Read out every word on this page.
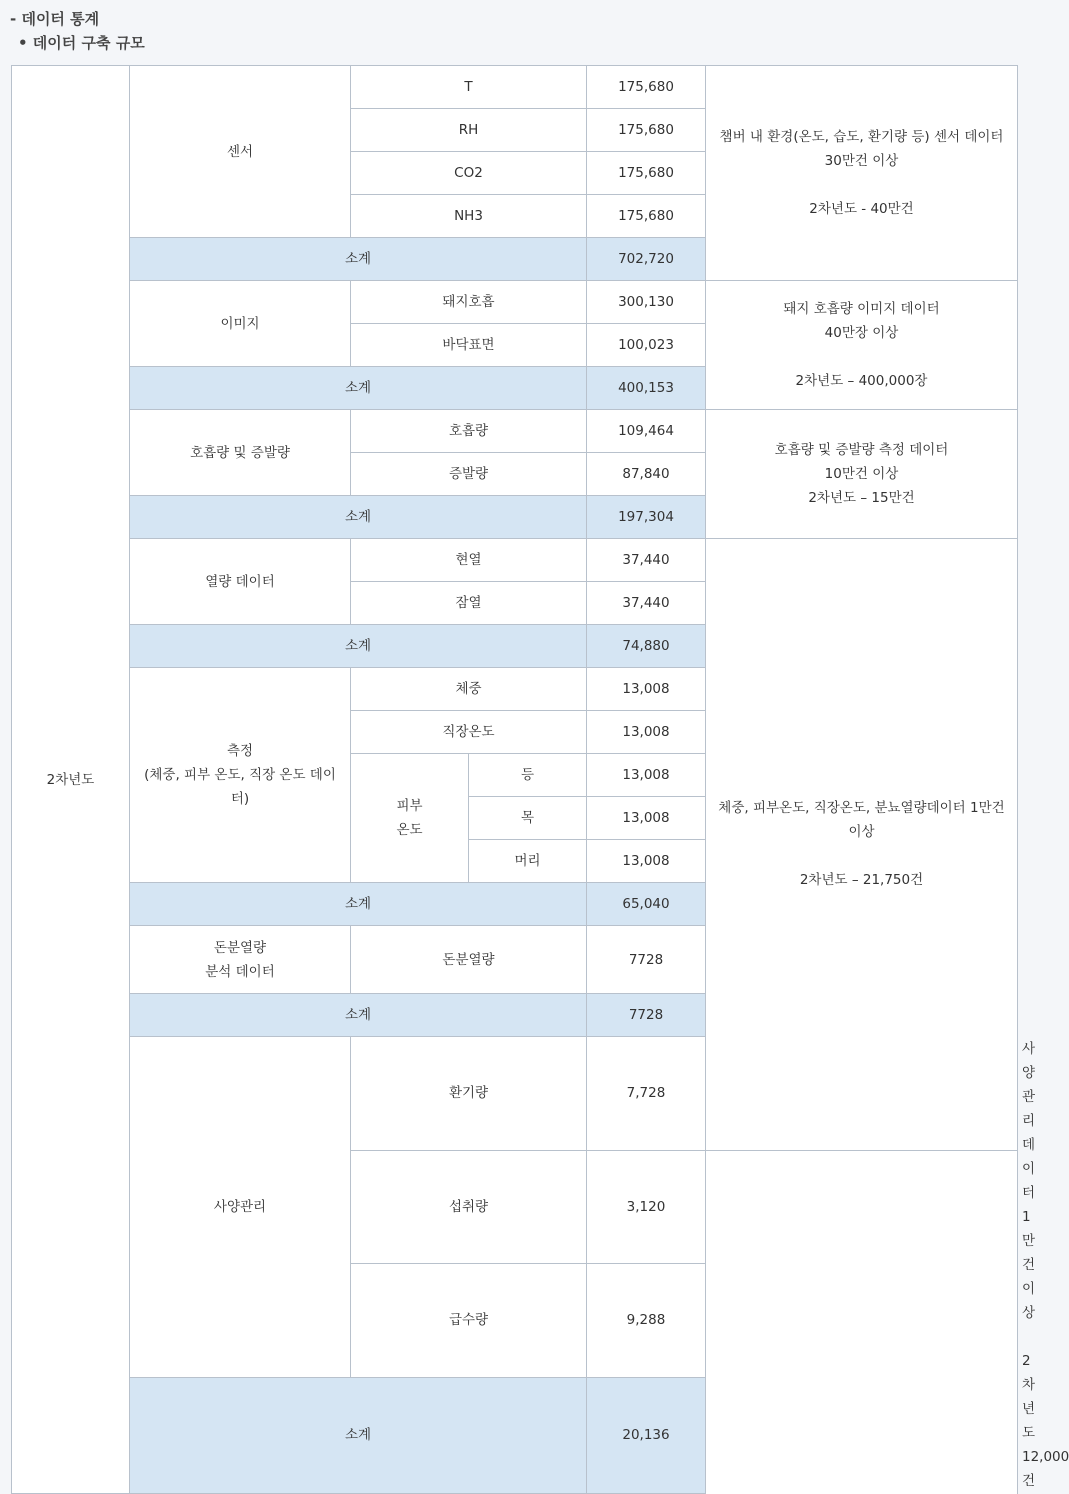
- 데이터 통계
• 데이터 구축 규모
2차년도	센서	T		175,680	챔버 내 환경(온도, 습도, 환기량 등) 센서 데이터
30만건 이상

2차년도 - 40만건	

		RH		175,680		
		CO2		175,680		
		NH3		175,680		
	소계			702,720		
	이미지	돼지호흡		300,130	돼지 호흡량 이미지 데이터
40만장 이상

2차년도 – 400,000장	

		바닥표면		100,023		
	소계			400,153		
	호흡량 및 증발량	호흡량		109,464	호흡량 및 증발량 측정 데이터
10만건 이상
2차년도 – 15만건	

		증발량		87,840		
	소계			197,304		
	열량 데이터	현열		37,440	체중, 피부온도, 직장온도, 분뇨열량데이터 1만건
이상

2차년도 – 21,750건	

		잠열		37,440		
	소계			74,880		

	측정
(체중, 피부 온도, 직장 온도 데이
터)	체중		13,008		
		직장온도		13,008		

		피부
온도	등	13,008		
			목	13,008		
			머리	13,008		
	소계			65,040		

	돈분열량
분석 데이터	돈분열량		7728		
	소계			7728		
	사양관리	환기량		7,728		사양관리 데이터 1만건 이상

2차년도 12,000건

		섭취량		3,120		
		급수량		9,288		
	소계			20,136		
